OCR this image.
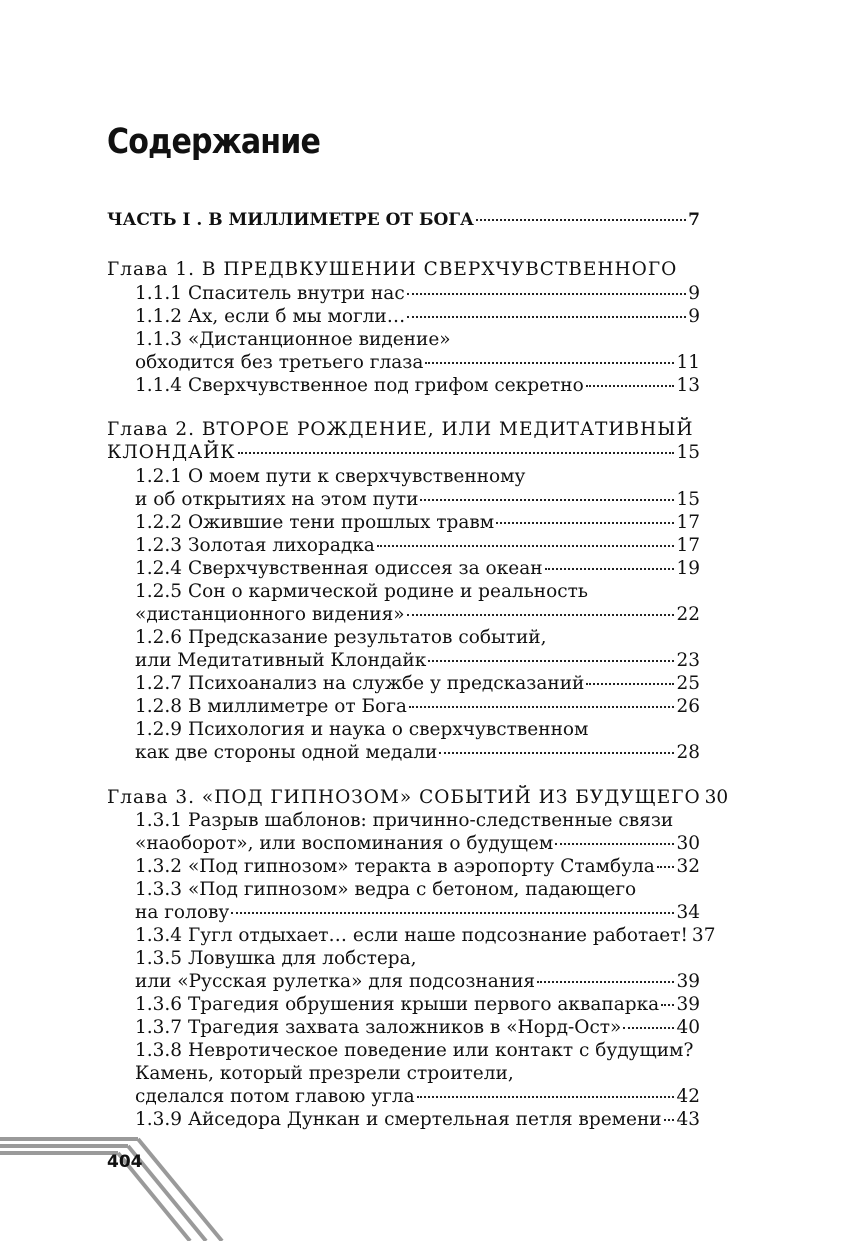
Содержание
ЧАСТЬ I . В МИЛЛИМЕТРЕ ОТ БОГА	7
Глава 1. В ПРЕДВКУШЕНИИ СВЕРХЧУВСТВЕННОГО
1.1.1 Спаситель внутри нас	9
1.1.2 Ах, если б мы могли…	9
1.1.3 «Дистанционное видение»
обходится без третьего глаза	11
1.1.4 Сверхчувственное под грифом секретно	13
Глава 2. ВТОРОЕ РОЖДЕНИЕ, ИЛИ МЕДИТАТИВНЫЙ
КЛОНДАЙК	15
1.2.1 О моем пути к сверхчувственному
и об открытиях на этом пути	15
1.2.2 Ожившие тени прошлых травм	17
1.2.3 Золотая лихорадка	17
1.2.4 Сверхчувственная одиссея за океан	19
1.2.5 Сон о кармической родине и реальность
«дистанционного видения»	22
1.2.6 Предсказание результатов событий,
или Медитативный Клондайк	23
1.2.7 Психоанализ на службе у предсказаний	25
1.2.8 В миллиметре от Бога	26
1.2.9 Психология и наука о сверхчувственном
как две стороны одной медали	28
Глава 3. «ПОД ГИПНОЗОМ» СОБЫТИЙ ИЗ БУДУЩЕГО 30
1.3.1 Разрыв шаблонов: причинно-следственные связи
«наоборот», или воспоминания о будущем	30
1.3.2 «Под гипнозом» теракта в аэропорту Стамбула 32
1.3.3 «Под гипнозом» ведра с бетоном, падающего
на голову	34
1.3.4 Гугл отдыхает… если наше подсознание работает! 37
1.3.5 Ловушка для лобстера,
или «Русская рулетка» для подсознания	39
1.3.6 Трагедия обрушения крыши первого аквапарка 39
1.3.7 Трагедия захвата заложников в «Норд-Ост»	40
1.3.8 Невротическое поведение или контакт с будущим?
Камень, который презрели строители,
сделался потом главою угла	42
1.3.9 Айседора Дункан и смертельная петля времени 43
404
